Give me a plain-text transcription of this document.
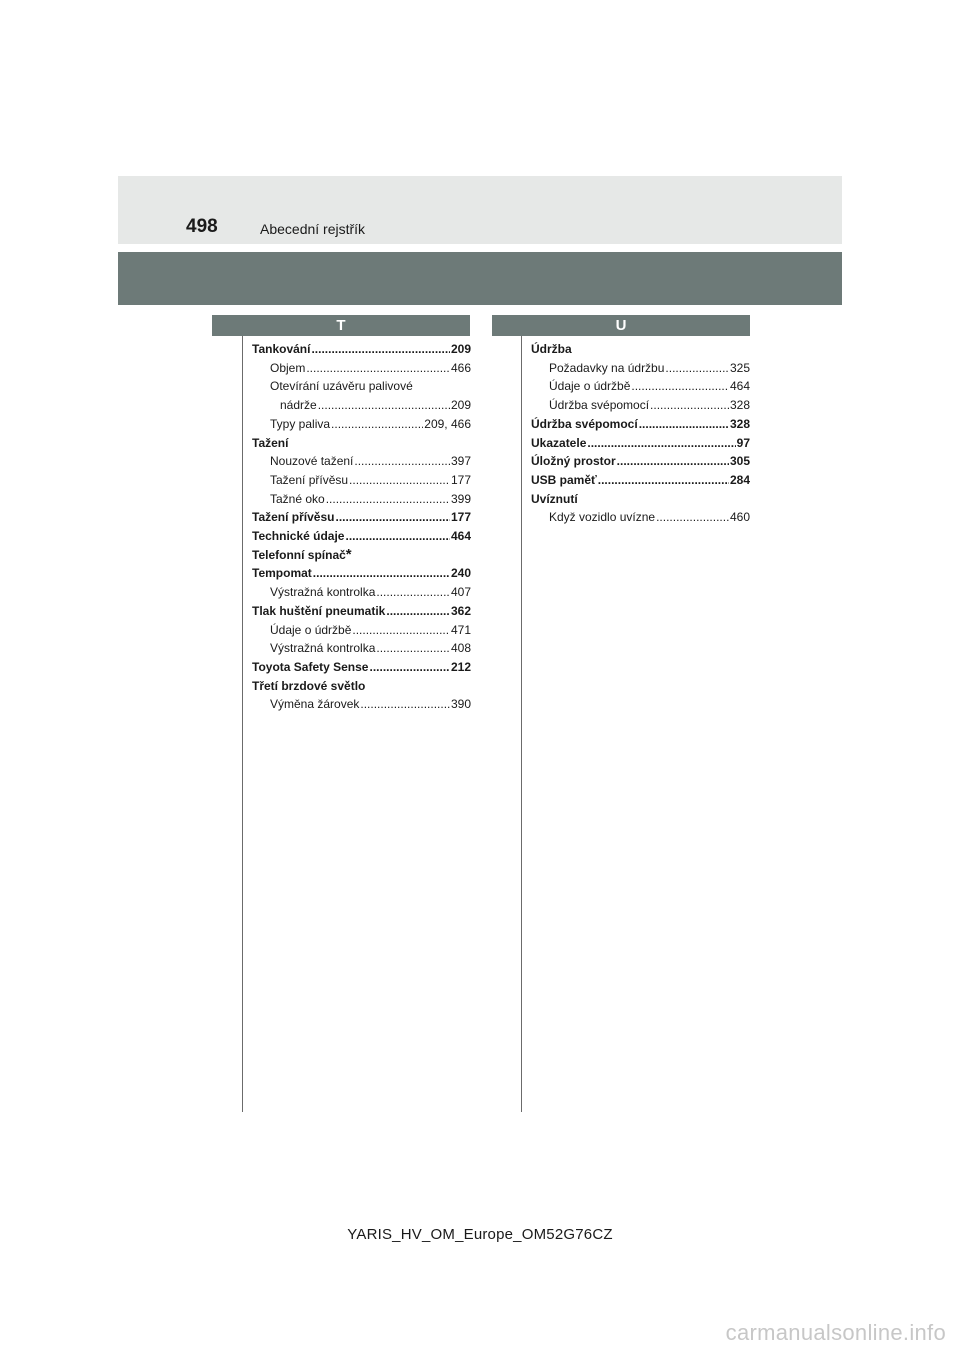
498	Abecední rejstřík
T	U
Tankování .....	209
Objem .....	466
Otevírání uzávěru palivové
nádrže .....	209
Typy paliva .....	209, 466
Tažení
Nouzové tažení .....	397
Tažení přívěsu .....	177
Tažné oko .....	399
Tažení přívěsu .....	177
Technické údaje .....	464
Telefonní spínač *
Tempomat .....	240
Výstražná kontrolka .....	407
Tlak huštění pneumatik .....	362
Údaje o údržbě .....	471
Výstražná kontrolka .....	408
Toyota Safety Sense .....	212
Třetí brzdové světlo
Výměna žárovek .....	390
Údržba
Požadavky na údržbu .....	325
Údaje o údržbě .....	464
Údržba svépomocí .....	328
Údržba svépomocí .....	328
Ukazatele .....	97
Úložný prostor .....	305
USB paměť .....	284
Uvíznutí
Když vozidlo uvízne .....	460
YARIS_HV_OM_Europe_OM52G76CZ
carmanualsonline.info
